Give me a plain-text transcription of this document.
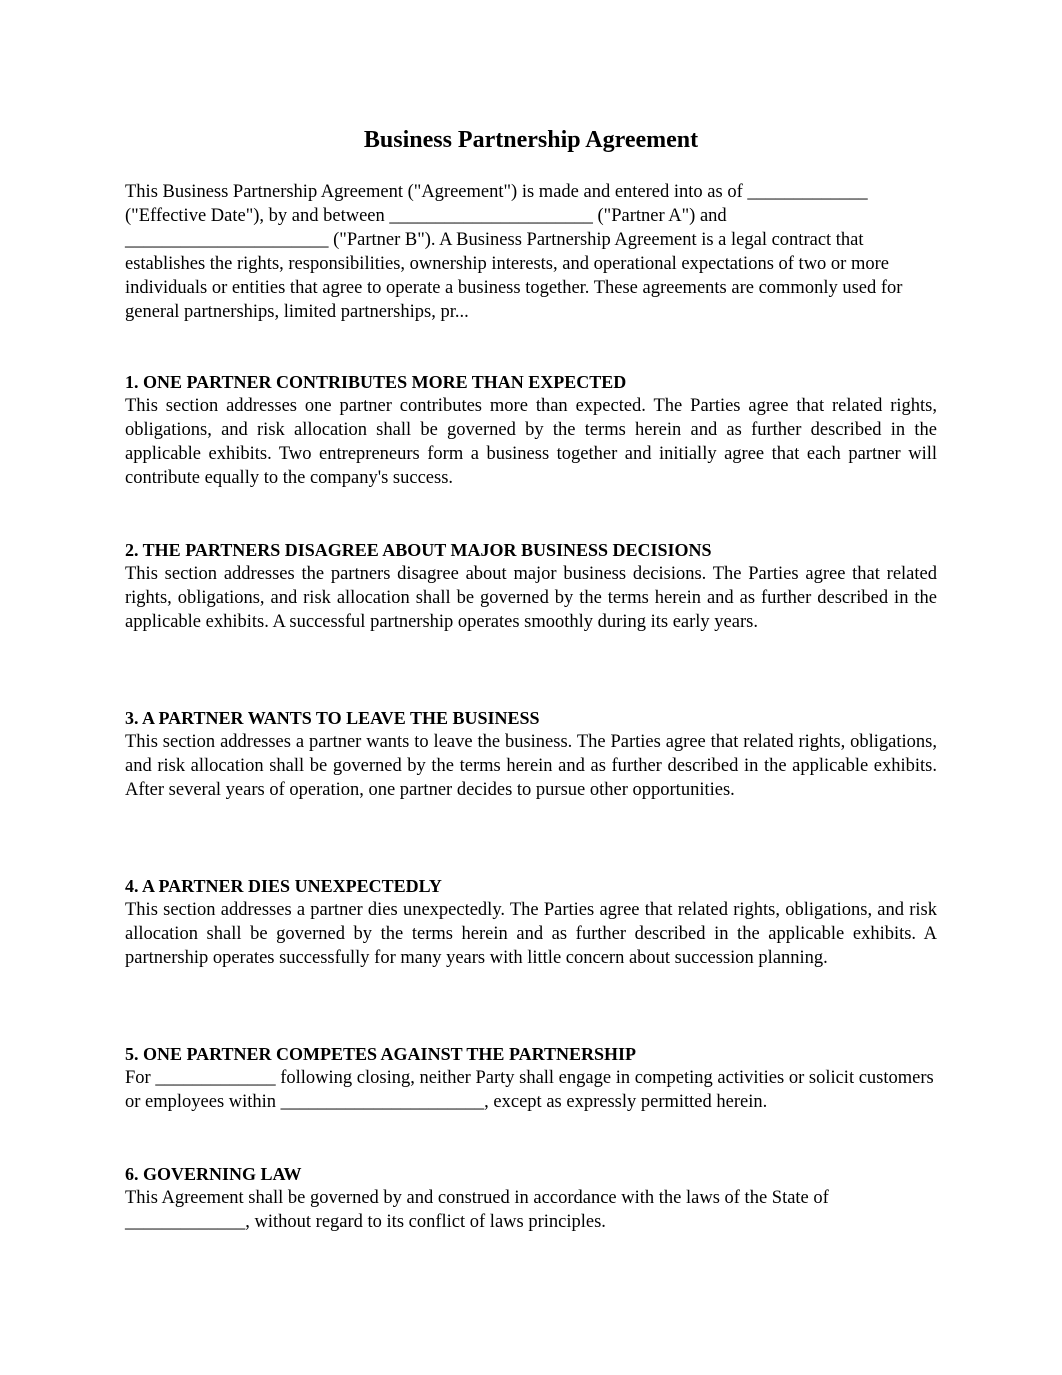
Business Partnership Agreement

This Business Partnership Agreement ("Agreement") is made and entered into as of _____________ ("Effective Date"), by and between ______________________ ("Partner A") and ______________________ ("Partner B"). A Business Partnership Agreement is a legal contract that establishes the rights, responsibilities, ownership interests, and operational expectations of two or more individuals or entities that agree to operate a business together. These agreements are commonly used for general partnerships, limited partnerships, pr...

1. ONE PARTNER CONTRIBUTES MORE THAN EXPECTED

This section addresses one partner contributes more than expected. The Parties agree that related rights, obligations, and risk allocation shall be governed by the terms herein and as further described in the applicable exhibits. Two entrepreneurs form a business together and initially agree that each partner will contribute equally to the company's success.

2. THE PARTNERS DISAGREE ABOUT MAJOR BUSINESS DECISIONS

This section addresses the partners disagree about major business decisions. The Parties agree that related rights, obligations, and risk allocation shall be governed by the terms herein and as further described in the applicable exhibits. A successful partnership operates smoothly during its early years.

3. A PARTNER WANTS TO LEAVE THE BUSINESS

This section addresses a partner wants to leave the business. The Parties agree that related rights, obligations, and risk allocation shall be governed by the terms herein and as further described in the applicable exhibits. After several years of operation, one partner decides to pursue other opportunities.

4. A PARTNER DIES UNEXPECTEDLY

This section addresses a partner dies unexpectedly. The Parties agree that related rights, obligations, and risk allocation shall be governed by the terms herein and as further described in the applicable exhibits. A partnership operates successfully for many years with little concern about succession planning.

5. ONE PARTNER COMPETES AGAINST THE PARTNERSHIP

For _____________ following closing, neither Party shall engage in competing activities or solicit customers or employees within ______________________, except as expressly permitted herein.

6. GOVERNING LAW

This Agreement shall be governed by and construed in accordance with the laws of the State of _____________, without regard to its conflict of laws principles.
